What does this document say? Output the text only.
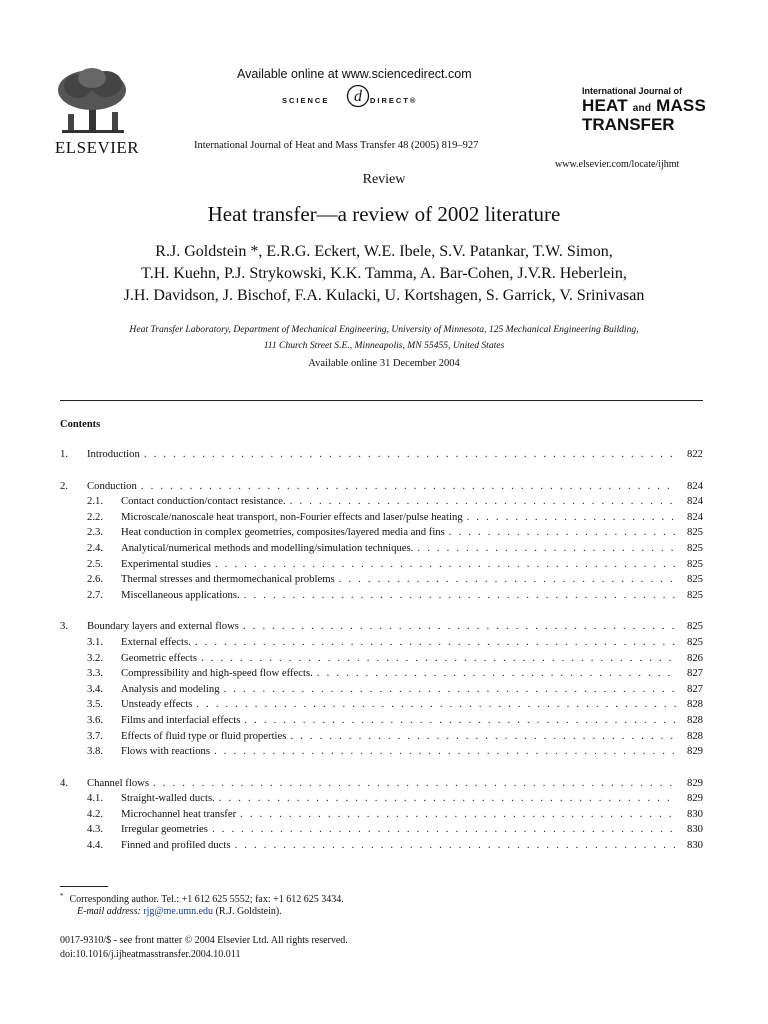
ELSEVIER
Available online at www.sciencedirect.com
SCIENCE d DIRECT®
International Journal of Heat and Mass Transfer 48 (2005) 819–927
International Journal of
HEAT and MASS
TRANSFER
www.elsevier.com/locate/ijhmt
Review
Heat transfer—a review of 2002 literature
R.J. Goldstein *, E.R.G. Eckert, W.E. Ibele, S.V. Patankar, T.W. Simon,
T.H. Kuehn, P.J. Strykowski, K.K. Tamma, A. Bar-Cohen, J.V.R. Heberlein,
J.H. Davidson, J. Bischof, F.A. Kulacki, U. Kortshagen, S. Garrick, V. Srinivasan
Heat Transfer Laboratory, Department of Mechanical Engineering, University of Minnesota, 125 Mechanical Engineering Building,
111 Church Street S.E., Minneapolis, MN 55455, United States
Available online 31 December 2004
Contents
1.	Introduction . . .	822
2.	Conduction . . .	824
2.1.	Contact conduction/contact resistance. . . .	824
2.2.	Microscale/nanoscale heat transport, non-Fourier effects and laser/pulse heating . . .	824
2.3.	Heat conduction in complex geometries, composites/layered media and fins . . .	825
2.4.	Analytical/numerical methods and modelling/simulation techniques. . . .	825
2.5.	Experimental studies . . .	825
2.6.	Thermal stresses and thermomechanical problems . . .	825
2.7.	Miscellaneous applications. . . .	825
3.	Boundary layers and external flows . . .	825
3.1.	External effects. . . .	825
3.2.	Geometric effects . . .	826
3.3.	Compressibility and high-speed flow effects. . . .	827
3.4.	Analysis and modeling . . .	827
3.5.	Unsteady effects . . .	828
3.6.	Films and interfacial effects . . .	828
3.7.	Effects of fluid type or fluid properties . . .	828
3.8.	Flows with reactions . . .	829
4.	Channel flows . . .	829
4.1.	Straight-walled ducts. . . .	829
4.2.	Microchannel heat transfer . . .	830
4.3.	Irregular geometries . . .	830
4.4.	Finned and profiled ducts . . .	830
* Corresponding author. Tel.: +1 612 625 5552; fax: +1 612 625 3434.
E-mail address: rjg@me.umn.edu (R.J. Goldstein).
0017-9310/$ - see front matter © 2004 Elsevier Ltd. All rights reserved.
doi:10.1016/j.ijheatmasstransfer.2004.10.011
